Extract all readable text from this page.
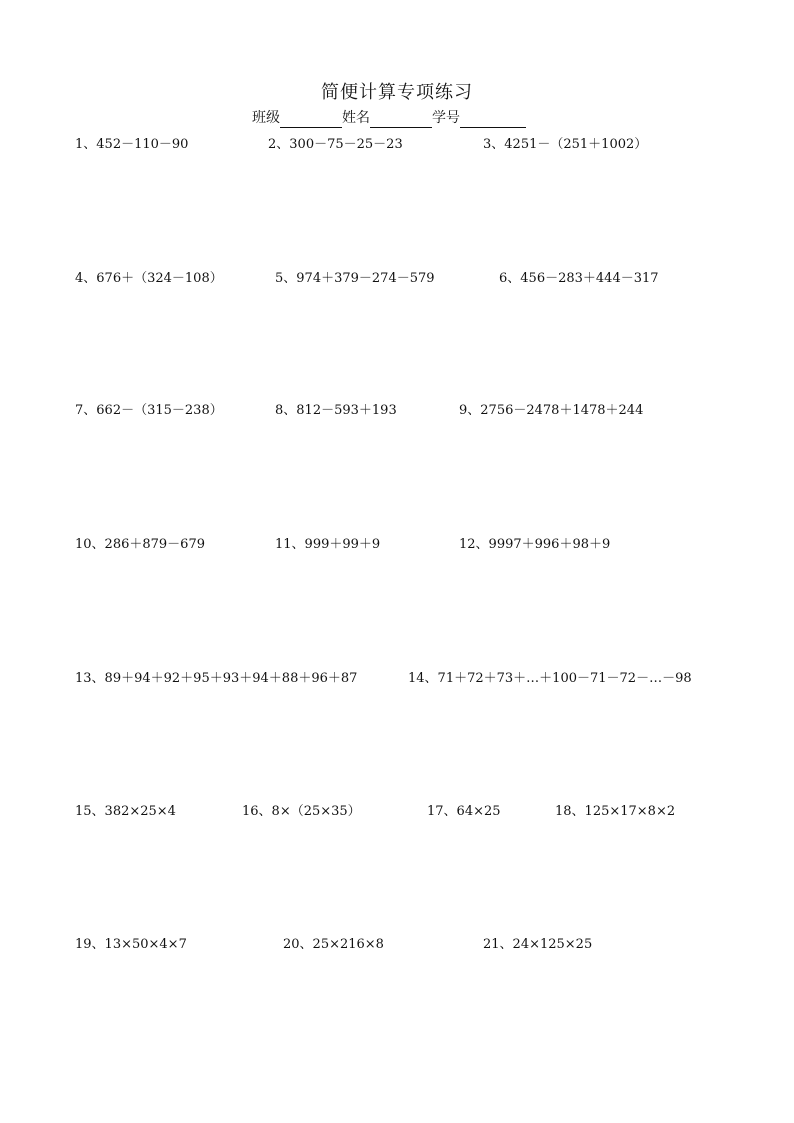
简便计算专项练习
班级	姓名	学号
1、452－110－90	2、300－75－25－23	3、4251－（251＋1002）
4、676＋（324－108）	5、974＋379－274－579	6、456－283＋444－317
7、662－（315－238）	8、812－593＋193	9、2756－2478＋1478＋244
10、286＋879－679	11、999＋99＋9	12、9997＋996＋98＋9
13、89＋94＋92＋95＋93＋94＋88＋96＋87	14、71＋72＋73＋…＋100－71－72－…－98
15、382×25×4	16、8×（25×35）	17、64×25	18、125×17×8×2
19、13×50×4×7	20、25×216×8	21、24×125×25
